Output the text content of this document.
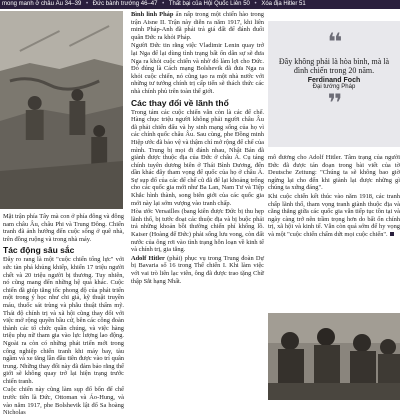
mong manh ở châu Âu 34–39 • Đức bành trướng 46–47 • Thất bại của Hội Quốc Liên 50 • Xóa địa Hitler 51

Mặt trận phía Tây mà con ở phía đông và đông nam châu Âu, châu Phi và Trung Đông. Chiến tranh đã ảnh hưởng đến cuộc sống ở quê nhà, trên đồng ruộng và trong nhà máy.

Tác động sâu sắc

Đây ro rang là một "cuộc chiến tổng lực" với sức tàn phá khủng khiếp, khiến 17 triệu người chết và 20 triệu người bị thương. Tuy nhiên, nó cũng mang đến những hệ quả khác. Cuộc chiến đã giúp tăng tốc phong độ của phát triển một trong ý học như chi giả, kỹ thuật truyền máu, thuốc sát trùng và phẫu thuật thẩm mỹ. Thái độ chính trị và xã hội cũng thay đổi với việc mở rộng quyền bầu cử, bên các công đoàn thành các tổ chức quần chúng, và việc hàng triệu phụ nữ tham gia vào lực lượng lao động. Ngoài ra còn có những phát triển mới trong công nghiệp chiến tranh khi máy bay, tàu ngầm và xe tăng lần đầu tiên được vào trí quân trung. Những thay đổi này đã đảm bảo rằng thế giới sẽ không quay trở lại hiện trạng trước chiến tranh.

Cuộc chiến này cũng làm sụp đổ bốn đế chế trước tiên là Đức, Ottoman và Áo-Hung, và vào năm 1917, phe Bolshevik lật đổ Sa hoàng Nicholas

Bình linh Pháp ẩn nấp trong một chiến hào trong trận Aisne II. Trận này diễn ra năm 1917, khi liên minh Pháp-Anh đã phải trả giá đất để đánh đuổi quân Đức ra khỏi Pháp.

Người Đức tin rằng việc Vladimir Lenin quay trở lại Nga để lại dùng tình trạng bất ổn dân sự sẽ đưa Nga ra khỏi cuộc chiến và nhờ đó làm lợi cho Đức. Đó đúng là Cách mạng Bolshevik đã đưa Nga ra khỏi cuộc chiến, nó cũng tạo ra một nhà nước với những tư tưởng chính trị cấp tiến sẽ thách thức các nhà chính phủ trên toàn thế giới.

Các thay đổi về lãnh thổ

Trong tám các cuộc chiến vẫn còn là các đế chế. Hàng chục triệu người không phải người châu Âu đã phải chiến đấu và hy sinh mạng sống của họ vì các chính quốc châu Âu. Sau cùng, phe Đồng minh Hiệp ước đã bảo vệ và thậm chí mở rộng đế chế của mình. Trung bị mọi đi đánh nhau, Nhật Bản đã giành được thuộc địa của Đức ở châu Á. Cụ táng chính tuyên dương biên ở Thái Bình Dương, đến dần khác đây tham vọng để quốc của họ ở châu Á. Sự sụp đổ của các đế chế cũ đã để lại khoảng trống cho các quốc gia mới như Ba Lan, Nam Tư và Tiệp Khắc hình thành, song biên giới của các quốc gia mới này lại sớm vượng vào tranh chấp.

Hòa ước Versailles (bang kiên được Đức bị thu hẹp lãnh thổ, bị tước đoạt các thuộc địa và bị buộc phải trả những khoản bồi thường chiến phí khổng lồ. Kaiser (Hoàng đế Đức) phải sống lưu vong, còn đất nước của ông rơi vào tình trạng hỗn loạn về kinh tế và chính trị, gia tăng.

Adolf Hitler (phải) phục vụ trong Trung đoàn Dự bị Bavaria số 16 trong Thế chiến I. Khi làm việc với vai trò liên lạc viên, ông đã được trao tặng Chữ thập Sắt hạng Nhất.

❛❛
Đây không phải là hòa bình, mà là đình chiến trong 20 năm.
Ferdinand Foch
Đại tướng Pháp
❜❜

mô đương cho Adolf Hitler. Tâm trạng của người Đức đã được tán đoạn trong bài viết của tờ Deutsche Zeitung: "Chúng ta sẽ không bao giờ ngừng lại cho đến khi giành lại được những gì chúng ta xứng đáng".

Khi cuộc chiến kết thúc vào năm 1918, các tranh chấp lãnh thổ, tham vọng tranh giành thuộc địa và căng thẳng giữa các quốc gia vẫn tiếp tục tồn tại và ngày càng trở nên trầm trọng hơn do bất ổn chính trị, xã hội và kinh tế. Vẫn còn quá sớm để hy vọng và một "cuộc chiến chấm dứt mọi cuộc chiến".
